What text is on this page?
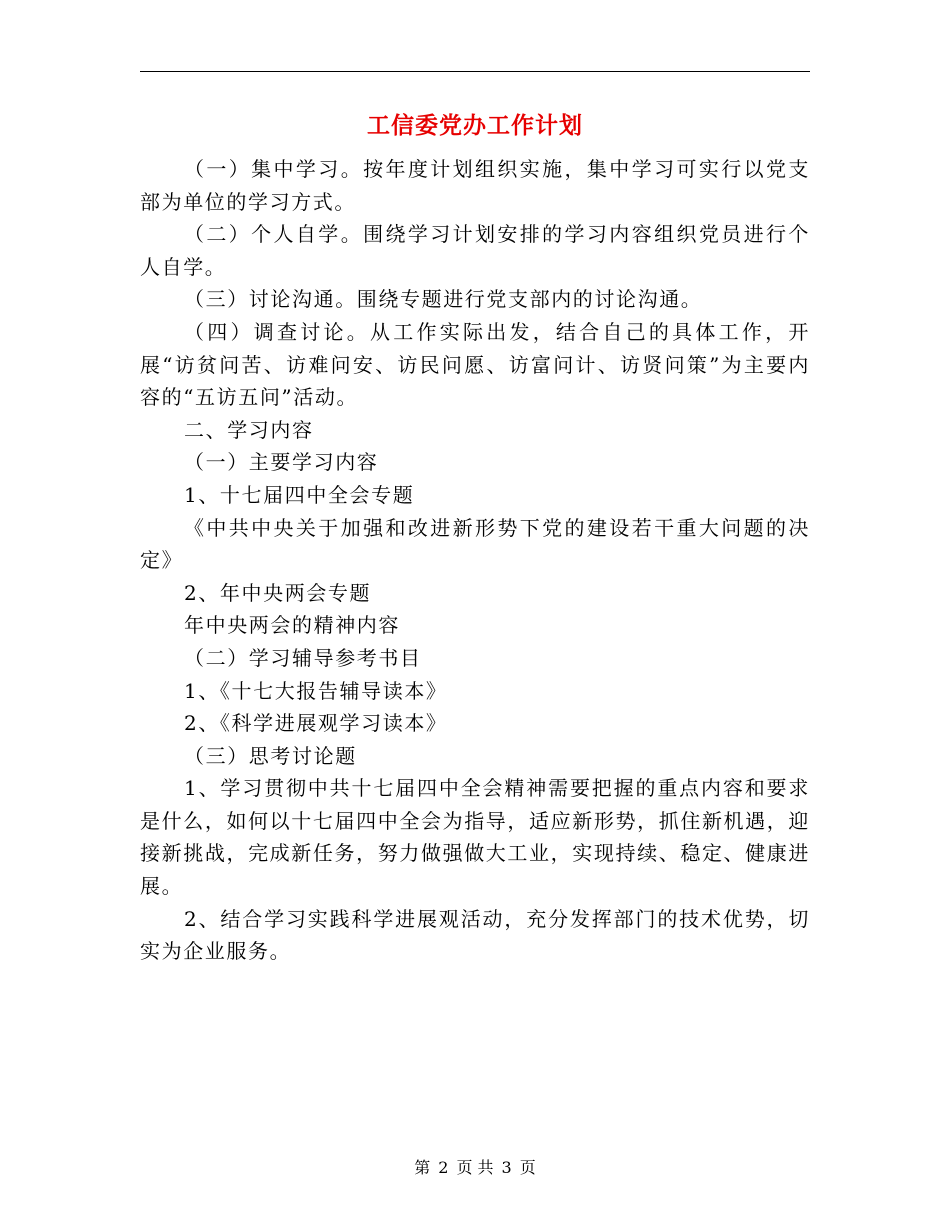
工信委党办工作计划

（一）集中学习。按年度计划组织实施，集中学习可实行以党支部为单位的学习方式。

（二）个人自学。围绕学习计划安排的学习内容组织党员进行个人自学。

（三）讨论沟通。围绕专题进行党支部内的讨论沟通。

（四）调查讨论。从工作实际出发，结合自己的具体工作，开展“访贫问苦、访难问安、访民问愿、访富问计、访贤问策”为主要内容的“五访五问”活动。

二、学习内容

（一）主要学习内容

1、十七届四中全会专题

《中共中央关于加强和改进新形势下党的建设若干重大问题的决定》

2、年中央两会专题

年中央两会的精神内容

（二）学习辅导参考书目

1、《十七大报告辅导读本》

2、《科学进展观学习读本》

（三）思考讨论题

1、学习贯彻中共十七届四中全会精神需要把握的重点内容和要求是什么，如何以十七届四中全会为指导，适应新形势，抓住新机遇，迎接新挑战，完成新任务，努力做强做大工业，实现持续、稳定、健康进展。

2、结合学习实践科学进展观活动，充分发挥部门的技术优势，切实为企业服务。

第 2 页 共 3 页
